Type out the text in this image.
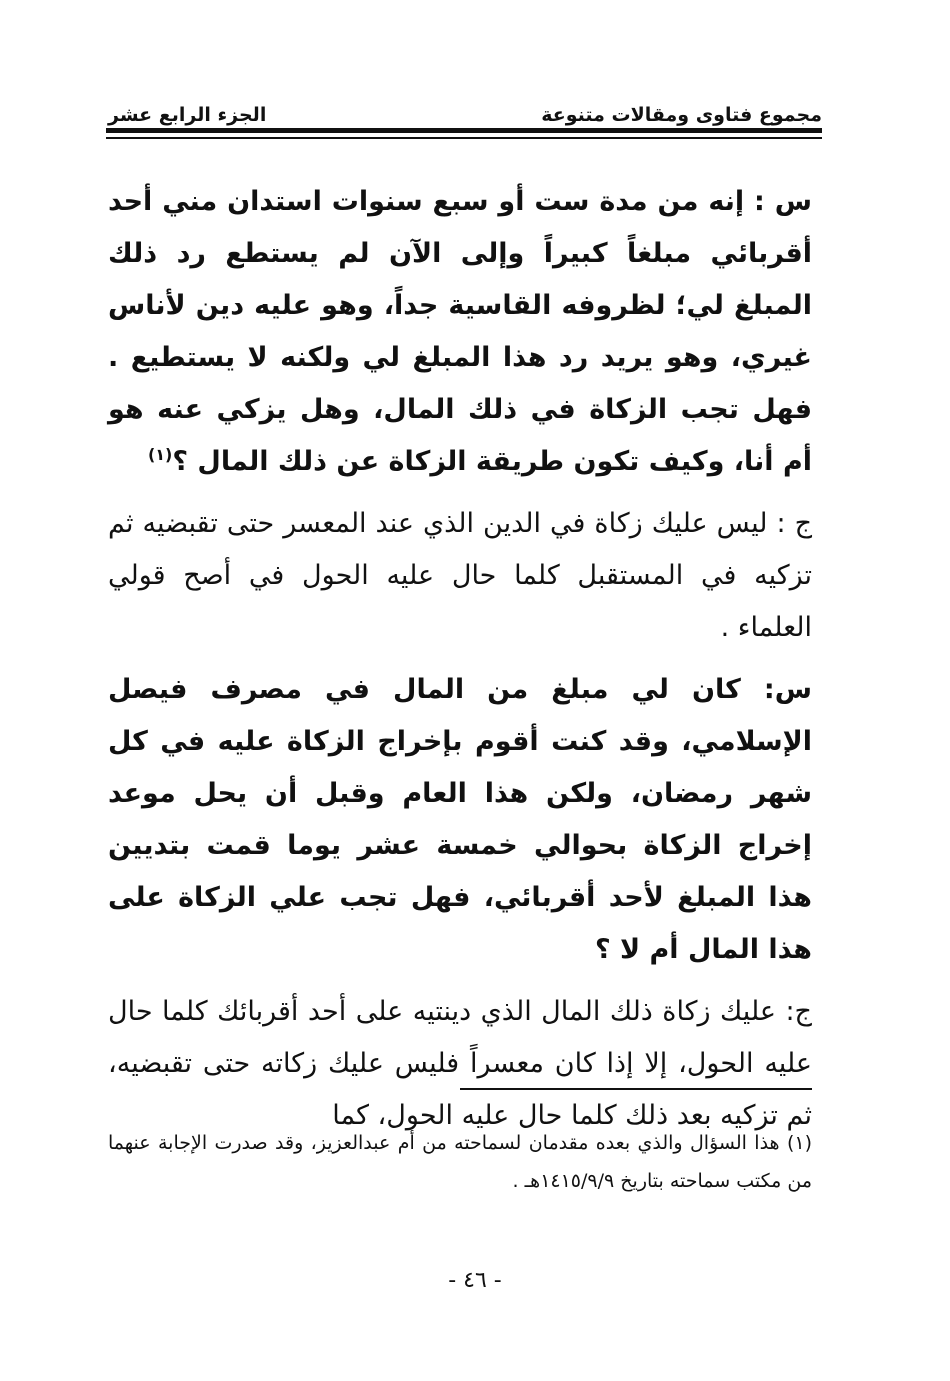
مجموع فتاوى ومقالات متنوعة
الجزء الرابع عشر

س : إنه من مدة ست أو سبع سنوات استدان مني أحد أقربائي مبلغاً كبيراً وإلى الآن لم يستطع رد ذلك المبلغ لي؛ لظروفه القاسية جداً، وهو عليه دين لأناس غيري، وهو يريد رد هذا المبلغ لي ولكنه لا يستطيع . فهل تجب الزكاة في ذلك المال، وهل يزكي عنه هو أم أنا، وكيف تكون طريقة الزكاة عن ذلك المال ؟$^{(١)}$

ج : ليس عليك زكاة في الدين الذي عند المعسر حتى تقبضيه ثم تزكيه في المستقبل كلما حال عليه الحول في أصح قولي العلماء .

س: كان لي مبلغ من المال في مصرف فيصل الإسلامي، وقد كنت أقوم بإخراج الزكاة عليه في كل شهر رمضان، ولكن هذا العام وقبل أن يحل موعد إخراج الزكاة بحوالي خمسة عشر يوما قمت بتديين هذا المبلغ لأحد أقربائي، فهل تجب علي الزكاة على هذا المال أم لا ؟

ج: عليك زكاة ذلك المال الذي دينتيه على أحد أقربائك كلما حال عليه الحول، إلا إذا كان معسراً فليس عليك زكاته حتى تقبضيه، ثم تزكيه بعد ذلك كلما حال عليه الحول، كما

(١) هذا السؤال والذي بعده مقدمان لسماحته من أم عبدالعزيز، وقد صدرت الإجابة عنهما من مكتب سماحته بتاريخ ١٤١٥/٩/٩هـ .

- ٤٦ -
